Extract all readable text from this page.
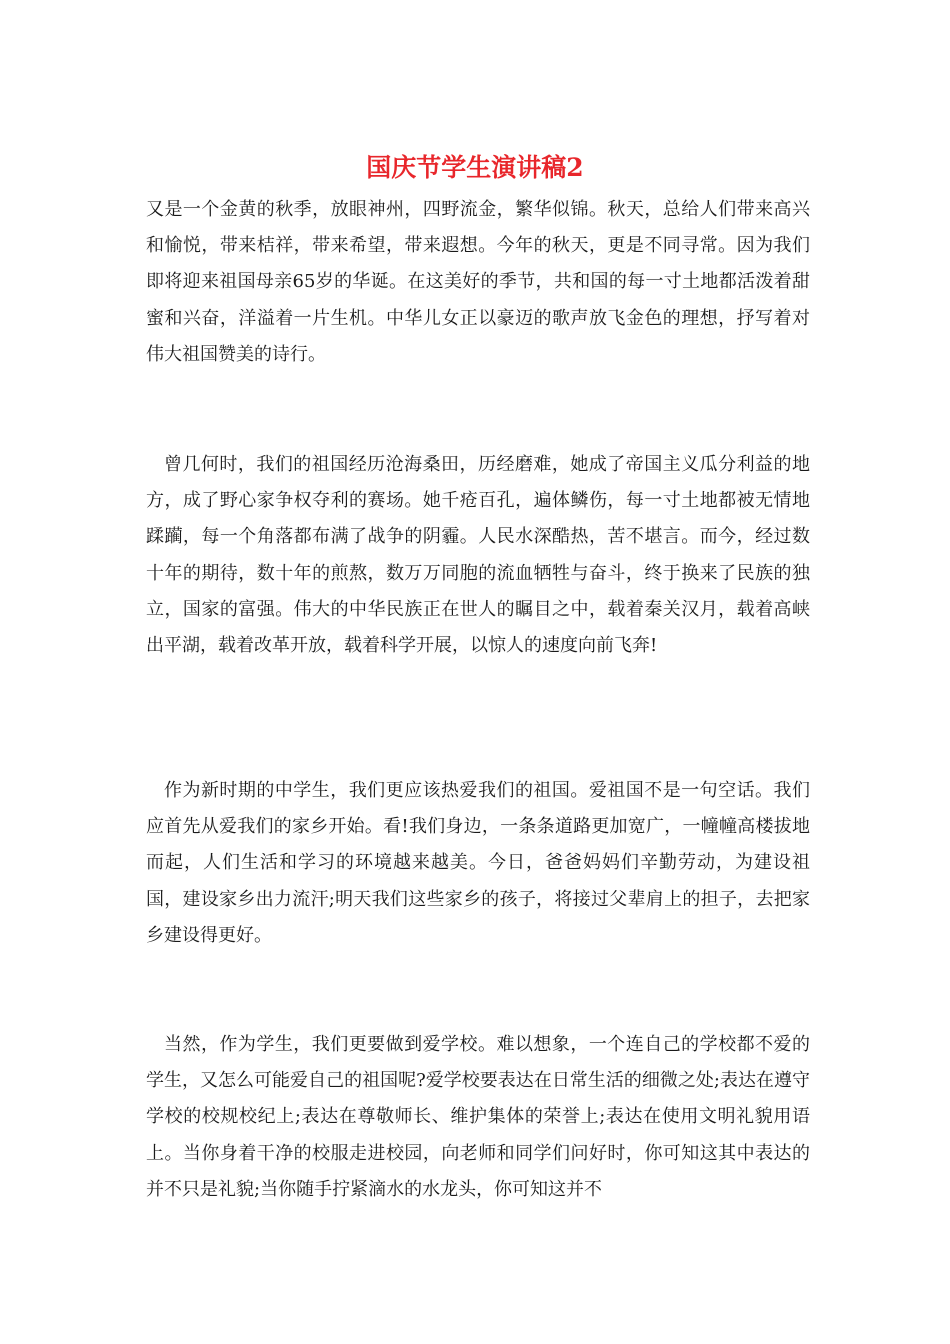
国庆节学生演讲稿2

又是一个金黄的秋季，放眼神州，四野流金，繁华似锦。秋天，总给人们带来高兴和愉悦，带来桔祥，带来希望，带来遐想。今年的秋天，更是不同寻常。因为我们即将迎来祖国母亲65岁的华诞。在这美好的季节，共和国的每一寸土地都活泼着甜蜜和兴奋，洋溢着一片生机。中华儿女正以豪迈的歌声放飞金色的理想，抒写着对伟大祖国赞美的诗行。

曾几何时，我们的祖国经历沧海桑田，历经磨难，她成了帝国主义瓜分利益的地方，成了野心家争权夺利的赛场。她千疮百孔，遍体鳞伤，每一寸土地都被无情地蹂躏，每一个角落都布满了战争的阴霾。人民水深酷热，苦不堪言。而今，经过数十年的期待，数十年的煎熬，数万万同胞的流血牺牲与奋斗，终于换来了民族的独立，国家的富强。伟大的中华民族正在世人的瞩目之中，载着秦关汉月，载着高峡出平湖，载着改革开放，载着科学开展，以惊人的速度向前飞奔!

作为新时期的中学生，我们更应该热爱我们的祖国。爱祖国不是一句空话。我们应首先从爱我们的家乡开始。看!我们身边，一条条道路更加宽广，一幢幢高楼拔地而起，人们生活和学习的环境越来越美。今日，爸爸妈妈们辛勤劳动，为建设祖国，建设家乡出力流汗;明天我们这些家乡的孩子，将接过父辈肩上的担子，去把家乡建设得更好。

当然，作为学生，我们更要做到爱学校。难以想象，一个连自己的学校都不爱的学生，又怎么可能爱自己的祖国呢?爱学校要表达在日常生活的细微之处;表达在遵守学校的校规校纪上;表达在尊敬师长、维护集体的荣誉上;表达在使用文明礼貌用语上。当你身着干净的校服走进校园，向老师和同学们问好时，你可知这其中表达的并不只是礼貌;当你随手拧紧滴水的水龙头，你可知这并不
